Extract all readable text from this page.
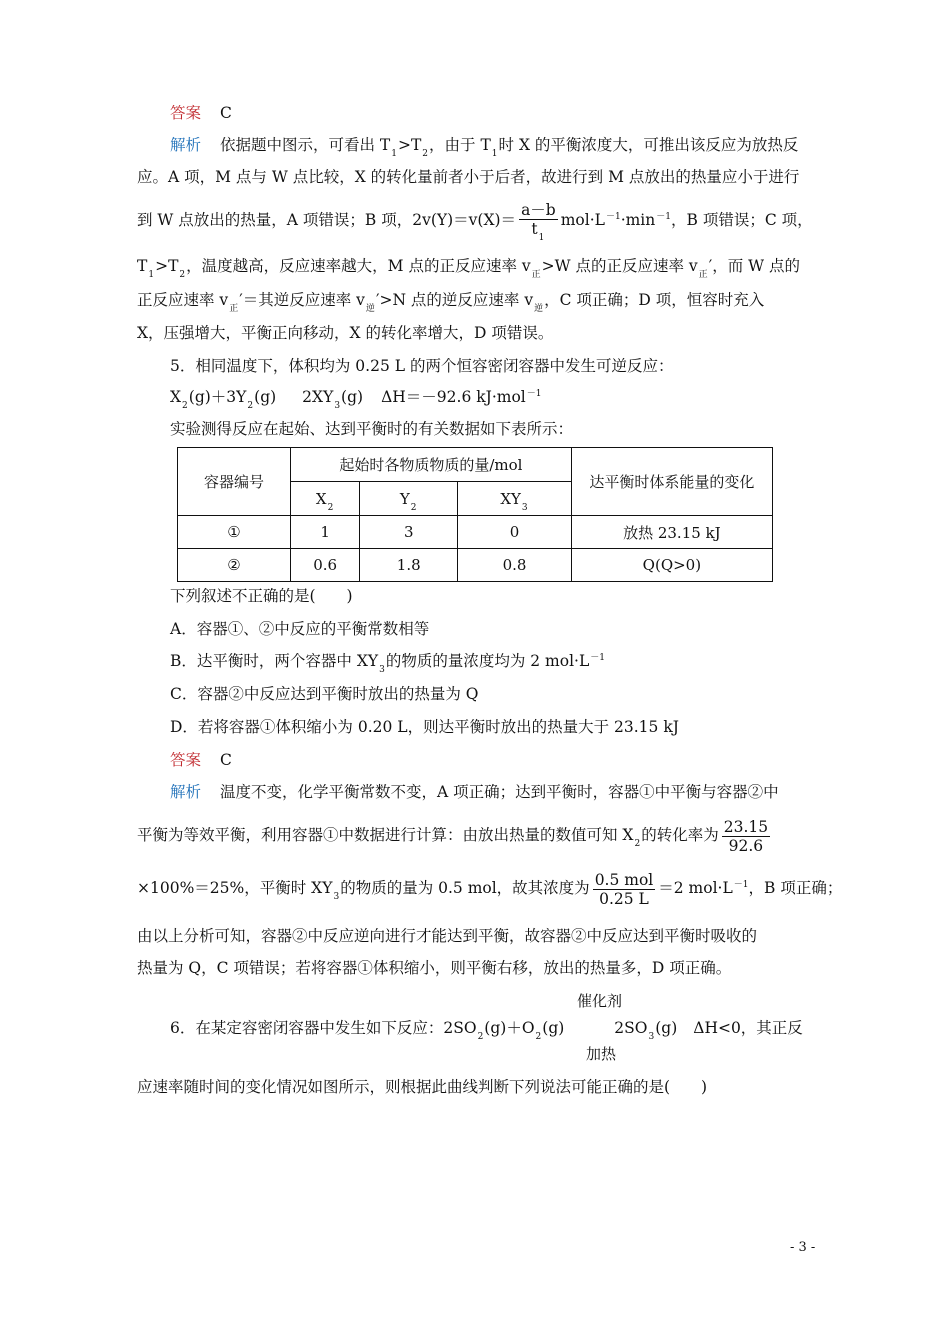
答案 C
解析 依据题中图示，可看出 $T_1>T_2$，由于 $T_1$时 X 的平衡浓度大，可推出该反应为放热反
应。A 项，M 点与 W 点比较，X 的转化量前者小于后者，故进行到 M 点放出的热量应小于进行
到 W 点放出的热量，A 项错误；B 项，$2v(Y)=v(X)= \frac{a-b}{t_1} mol\cdot L^{-1}\cdot\min^{-1}$，B 项错误；C 项，
$T_1>T_2$，温度越高，反应速率越大，M 点的正反应速率 $v_正>W$ 点的正反应速率 $v_正'$，而 W 点的
正反应速率 $v_正'=$其逆反应速率 $v_逆'>N$ 点的逆反应速率 $v_逆$，C 项正确；D 项，恒容时充入
X，压强增大，平衡正向移动，X 的转化率增大，D 项错误。
5．相同温度下，体积均为 0.25 L 的两个恒容密闭容器中发生可逆反应：
$X_2(g)+3Y_2(g)$ $2XY_3(g)$ ΔH＝－92.6 kJ·mol$^{-1}$
实验测得反应在起始、达到平衡时的有关数据如下表所示：
容器编号	起始时各物质物质的量/mol			达平衡时体系能量的变化
	$X_2$	$Y_2$	$XY_3$
①	1	3	0	放热 23.15 kJ
②	0.6	1.8	0.8	Q(Q>0)
下列叙述不正确的是(　　)
A．容器①、②中反应的平衡常数相等
B．达平衡时，两个容器中 $XY_3$的物质的量浓度均为 2 $mol\cdot L^{-1}$
C．容器②中反应达到平衡时放出的热量为 Q
D．若将容器①体积缩小为 0.20 L，则达平衡时放出的热量大于 23.15 kJ
答案 C
解析 温度不变，化学平衡常数不变，A 项正确；达到平衡时，容器①中平衡与容器②中
平衡为等效平衡，利用容器①中数据进行计算：由放出热量的数值可知 $X_2$的转化率为 $\frac{23.15}{92.6}$
×100%＝25%，平衡时 $XY_3$的物质的量为 0.5 mol，故其浓度为 $\frac{\text{0.5 mol}}{0.25 L} =2$ $mol\cdot L^{-1}$，B 项正确；
由以上分析可知，容器②中反应逆向进行才能达到平衡，故容器②中反应达到平衡时吸收的
热量为 Q，C 项错误；若将容器①体积缩小，则平衡右移，放出的热量多，D 项正确。
催化剂
6．在某定容密闭容器中发生如下反应：$2SO_2(g)+O_2(g)$	$2SO_3(g)$ ΔH<0，其正反
加热
应速率随时间的变化情况如图所示，则根据此曲线判断下列说法可能正确的是(　　)
- 3 -
